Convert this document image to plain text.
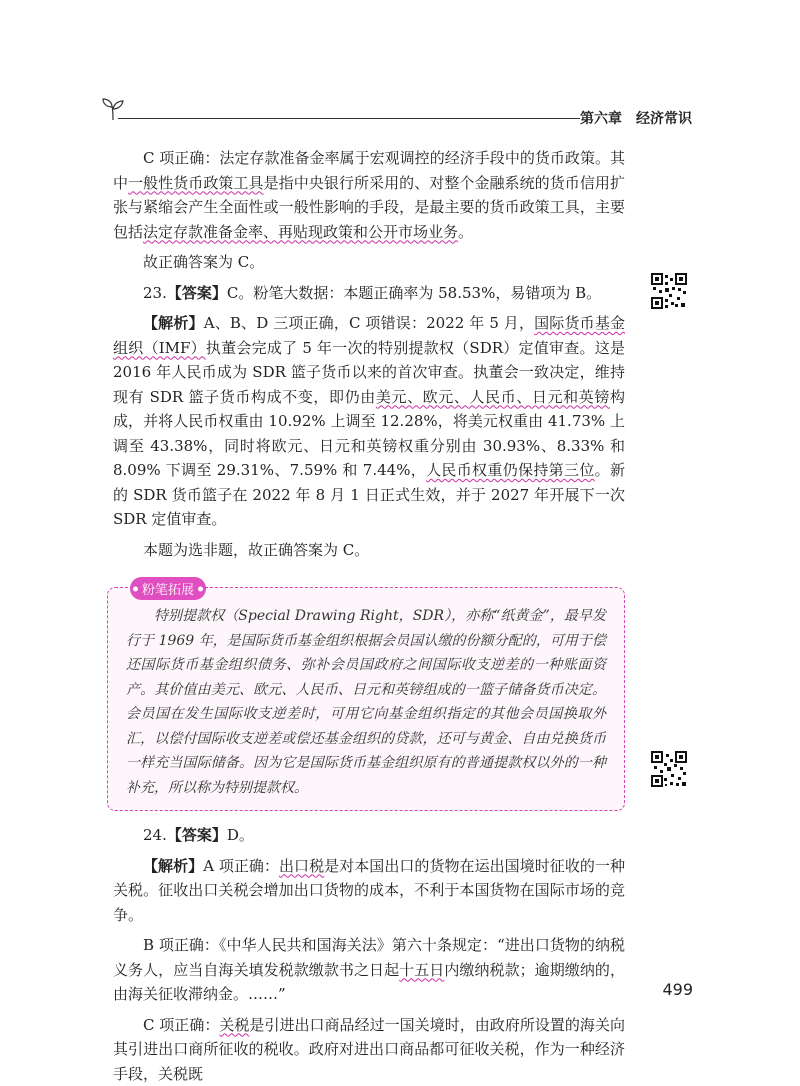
第六章 经济常识

C 项正确：法定存款准备金率属于宏观调控的经济手段中的货币政策。其中一般性货币政策工具是指中央银行所采用的、对整个金融系统的货币信用扩张与紧缩会产生全面性或一般性影响的手段，是最主要的货币政策工具，主要包括法定存款准备金率、再贴现政策和公开市场业务。

故正确答案为 C。

23.【答案】C。粉笔大数据：本题正确率为 58.53%，易错项为 B。

【解析】A、B、D 三项正确，C 项错误：2022 年 5 月，国际货币基金组织（IMF）执董会完成了 5 年一次的特别提款权（SDR）定值审查。这是 2016 年人民币成为 SDR 篮子货币以来的首次审查。执董会一致决定，维持现有 SDR 篮子货币构成不变，即仍由美元、欧元、人民币、日元和英镑构成，并将人民币权重由 10.92% 上调至 12.28%，将美元权重由 41.73% 上调至 43.38%，同时将欧元、日元和英镑权重分别由 30.93%、8.33% 和 8.09% 下调至 29.31%、7.59% 和 7.44%，人民币权重仍保持第三位。新的 SDR 货币篮子在 2022 年 8 月 1 日正式生效，并于 2027 年开展下一次 SDR 定值审查。

本题为选非题，故正确答案为 C。

粉笔拓展

特别提款权（Special Drawing Right，SDR），亦称“纸黄金”，最早发行于 1969 年，是国际货币基金组织根据会员国认缴的份额分配的，可用于偿还国际货币基金组织债务、弥补会员国政府之间国际收支逆差的一种账面资产。其价值由美元、欧元、人民币、日元和英镑组成的一篮子储备货币决定。会员国在发生国际收支逆差时，可用它向基金组织指定的其他会员国换取外汇，以偿付国际收支逆差或偿还基金组织的贷款，还可与黄金、自由兑换货币一样充当国际储备。因为它是国际货币基金组织原有的普通提款权以外的一种补充，所以称为特别提款权。

24.【答案】D。

【解析】A 项正确：出口税是对本国出口的货物在运出国境时征收的一种关税。征收出口关税会增加出口货物的成本，不利于本国货物在国际市场的竞争。

B 项正确：《中华人民共和国海关法》第六十条规定：“进出口货物的纳税义务人，应当自海关填发税款缴款书之日起十五日内缴纳税款；逾期缴纳的，由海关征收滞纳金。……”

C 项正确：关税是引进出口商品经过一国关境时，由政府所设置的海关向其引进出口商所征收的税收。政府对进出口商品都可征收关税，作为一种经济手段，关税既

499
